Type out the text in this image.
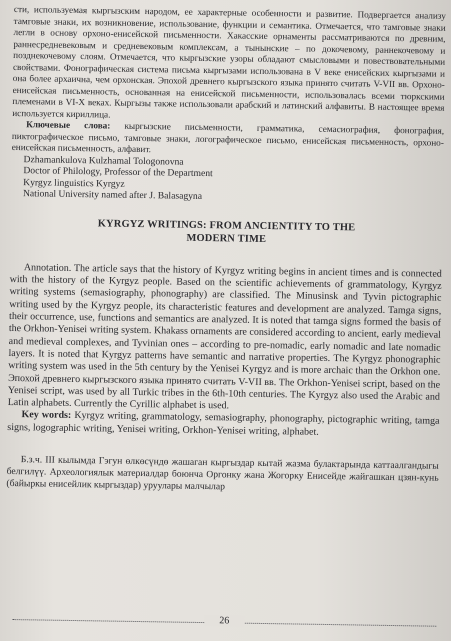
сти, используемая кыргызским народом, ее характерные особенности и развитие. Подвергается анализу тамговые знаки, их возникновение, использование, функции и семантика. Отмечается, что тамговые знаки легли в основу орхоно-енисейской письменности. Хакасские орнаменты рассматриваются по древним, раннесредневековым и средневековым комплексам, а тынынские – по докочевому, раннекочевому и позднекочевому слоям. Отмечается, что кыргызские узоры обладают смысловыми и повествовательными свойствами. Фонографическая система письма кыргызами использована в V веке енисейских кыргызами и она более архаична, чем орхонская. Эпохой древнего кыргызского языка принято считать V-VII вв. Орхоно-енисейская письменность, основанная на енисейской письменности, использовалась всеми тюркскими племенами в VI-X веках. Кыргызы также использовали арабский и латинский алфавиты. В настоящее время используется кириллица.

Ключевые слова: кыргызские письменности, грамматика, семасиография, фонография, пиктографическое письмо, тамговые знаки, логографическое письмо, енисейская письменность, орхоно-енисейская письменность, алфавит.

Dzhamankulova Kulzhamal Tologonovna
Doctor of Philology, Professor of the Department
Kyrgyz linguistics Kyrgyz
National University named after J. Balasagyna
KYRGYZ WRITINGS: FROM ANCIENTITY TO THE
MODERN TIME

Annotation. The article says that the history of Kyrgyz writing begins in ancient times and is connected with the history of the Kyrgyz people. Based on the scientific achievements of grammatology, Kyrgyz writing systems (semasiography, phonography) are classified. The Minusinsk and Tyvin pictographic writing used by the Kyrgyz people, its characteristic features and development are analyzed. Tamga signs, their occurrence, use, functions and semantics are analyzed. It is noted that tamga signs formed the basis of the Orkhon-Yenisei writing system. Khakass ornaments are considered according to ancient, early medieval and medieval complexes, and Tyvinian ones – according to pre-nomadic, early nomadic and late nomadic layers. It is noted that Kyrgyz patterns have semantic and narrative properties. The Kyrgyz phonographic writing system was used in the 5th century by the Yenisei Kyrgyz and is more archaic than the Orkhon one. Эпохой древнего кыргызского языка принято считать V-VII вв. The Orkhon-Yenisei script, based on the Yenisei script, was used by all Turkic tribes in the 6th-10th centuries. The Kyrgyz also used the Arabic and Latin alphabets. Currently the Cyrillic alphabet is used.

Key words: Kyrgyz writing, grammatology, semasiography, phonography, pictographic writing, tamga signs, logographic writing, Yenisei writing, Orkhon-Yenisei writing, alphabet.

Б.з.ч. III кылымда Гэгун өлкөсүндө жашаган кыргыздар кытай жазма булактарында каттаалгандыгы белгилүү. Археологиялык материалдар боюнча Оргонку жана Жогорку Енисейде жайгашкан цзян-кунь (байыркы енисейлик кыргыздар) уруулары малчылар

26
